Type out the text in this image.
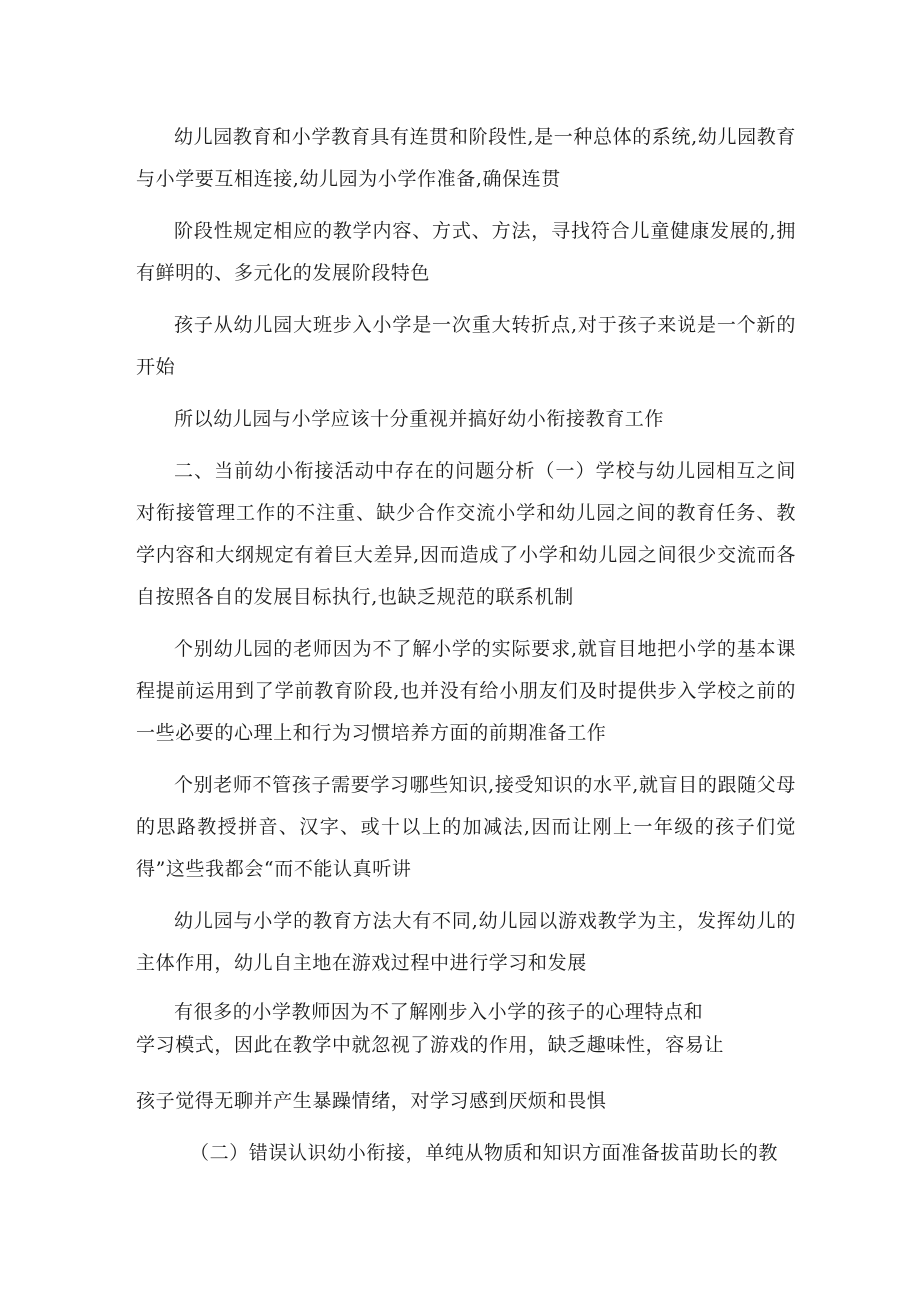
幼儿园教育和小学教育具有连贯和阶段性,是一种总体的系统,幼儿园教育与小学要互相连接,幼儿园为小学作准备,确保连贯

阶段性规定相应的教学内容、方式、方法，寻找符合儿童健康发展的,拥有鲜明的、多元化的发展阶段特色

孩子从幼儿园大班步入小学是一次重大转折点,对于孩子来说是一个新的开始

所以幼儿园与小学应该十分重视并搞好幼小衔接教育工作

二、当前幼小衔接活动中存在的问题分析（一）学校与幼儿园相互之间对衔接管理工作的不注重、缺少合作交流小学和幼儿园之间的教育任务、教学内容和大纲规定有着巨大差异,因而造成了小学和幼儿园之间很少交流而各自按照各自的发展目标执行,也缺乏规范的联系机制

个别幼儿园的老师因为不了解小学的实际要求,就盲目地把小学的基本课程提前运用到了学前教育阶段,也并没有给小朋友们及时提供步入学校之前的一些必要的心理上和行为习惯培养方面的前期准备工作

个别老师不管孩子需要学习哪些知识,接受知识的水平,就盲目的跟随父母的思路教授拼音、汉字、或十以上的加减法,因而让刚上一年级的孩子们觉得”这些我都会“而不能认真听讲

幼儿园与小学的教育方法大有不同,幼儿园以游戏教学为主，发挥幼儿的主体作用，幼儿自主地在游戏过程中进行学习和发展

有很多的小学教师因为不了解刚步入小学的孩子的心理特点和

学习模式，因此在教学中就忽视了游戏的作用，缺乏趣味性，容易让

孩子觉得无聊并产生暴躁情绪，对学习感到厌烦和畏惧

（二）错误认识幼小衔接，单纯从物质和知识方面准备拔苗助长的教
